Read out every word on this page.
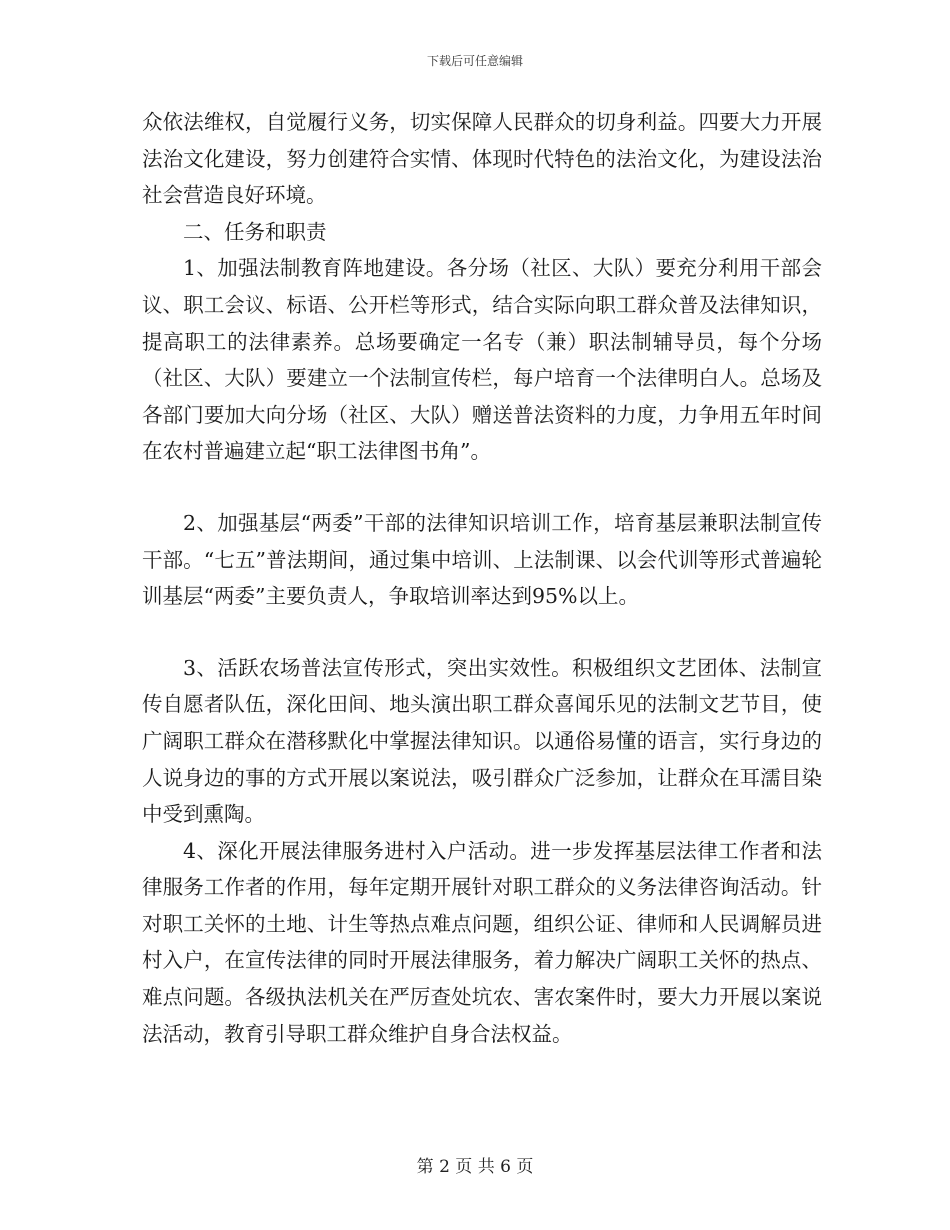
下载后可任意编辑

众依法维权，自觉履行义务，切实保障人民群众的切身利益。四要大力开展法治文化建设，努力创建符合实情、体现时代特色的法治文化，为建设法治社会营造良好环境。

二、任务和职责

1、加强法制教育阵地建设。各分场（社区、大队）要充分利用干部会议、职工会议、标语、公开栏等形式，结合实际向职工群众普及法律知识，提高职工的法律素养。总场要确定一名专（兼）职法制辅导员，每个分场（社区、大队）要建立一个法制宣传栏，每户培育一个法律明白人。总场及各部门要加大向分场（社区、大队）赠送普法资料的力度，力争用五年时间在农村普遍建立起“职工法律图书角”。

2、加强基层“两委”干部的法律知识培训工作，培育基层兼职法制宣传干部。“七五”普法期间，通过集中培训、上法制课、以会代训等形式普遍轮训基层“两委”主要负责人，争取培训率达到95%以上。

3、活跃农场普法宣传形式，突出实效性。积极组织文艺团体、法制宣传自愿者队伍，深化田间、地头演出职工群众喜闻乐见的法制文艺节目，使广阔职工群众在潜移默化中掌握法律知识。以通俗易懂的语言，实行身边的人说身边的事的方式开展以案说法，吸引群众广泛参加，让群众在耳濡目染中受到熏陶。

4、深化开展法律服务进村入户活动。进一步发挥基层法律工作者和法律服务工作者的作用，每年定期开展针对职工群众的义务法律咨询活动。针对职工关怀的土地、计生等热点难点问题，组织公证、律师和人民调解员进村入户，在宣传法律的同时开展法律服务，着力解决广阔职工关怀的热点、难点问题。各级执法机关在严厉查处坑农、害农案件时，要大力开展以案说法活动，教育引导职工群众维护自身合法权益。

第 2 页 共 6 页
